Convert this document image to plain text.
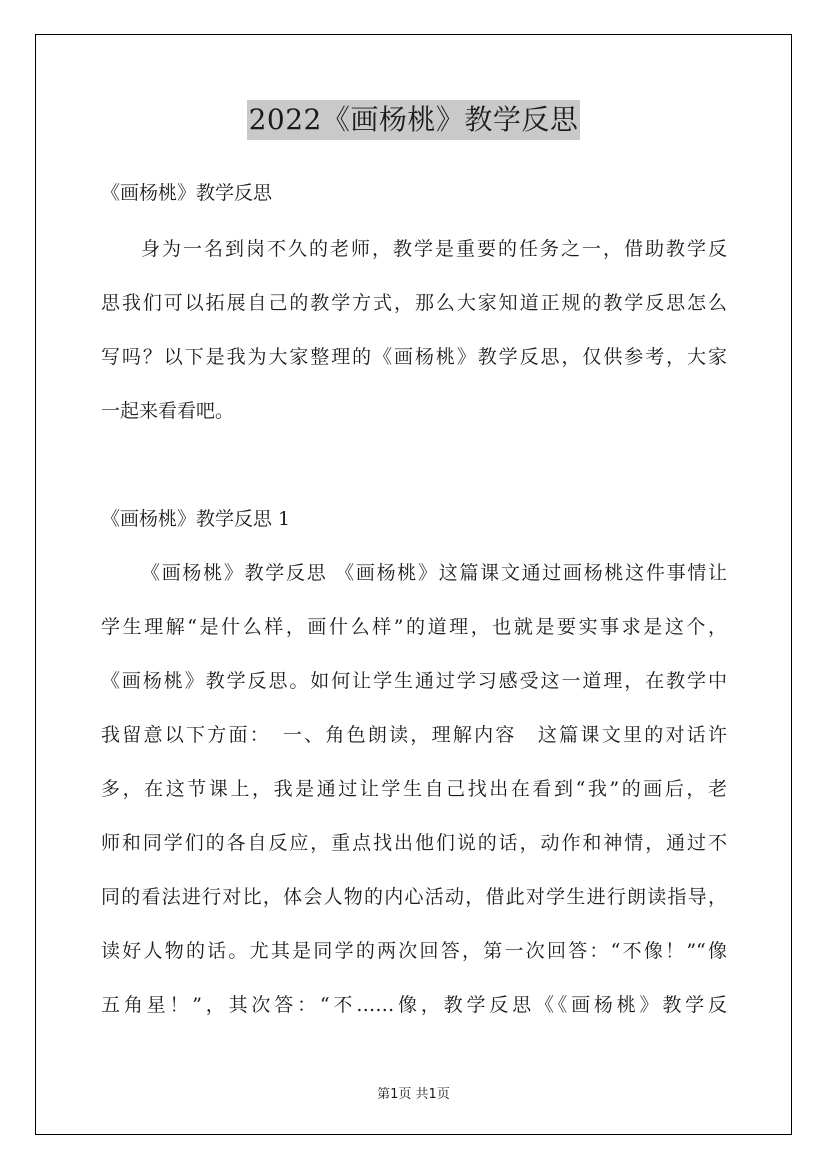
2022《画杨桃》教学反思
《画杨桃》教学反思
身为一名到岗不久的老师，教学是重要的任务之一，借助教学反
思我们可以拓展自己的教学方式，那么大家知道正规的教学反思怎么
写吗？以下是我为大家整理的《画杨桃》教学反思，仅供参考，大家
一起来看看吧。
《画杨桃》教学反思 1
《画杨桃》教学反思 《画杨桃》这篇课文通过画杨桃这件事情让
学生理解“是什么样，画什么样”的道理，也就是要实事求是这个，
《画杨桃》教学反思。如何让学生通过学习感受这一道理，在教学中
我留意以下方面：　一、角色朗读，理解内容　这篇课文里的对话许
多，在这节课上，我是通过让学生自己找出在看到“我”的画后，老
师和同学们的各自反应，重点找出他们说的话，动作和神情，通过不
同的看法进行对比，体会人物的内心活动，借此对学生进行朗读指导，
读好人物的话。尤其是同学的两次回答，第一次回答：“不像！”“像
五角星！”，其次答：“不……像，教学反思《《画杨桃》教学反
第1页 共1页
